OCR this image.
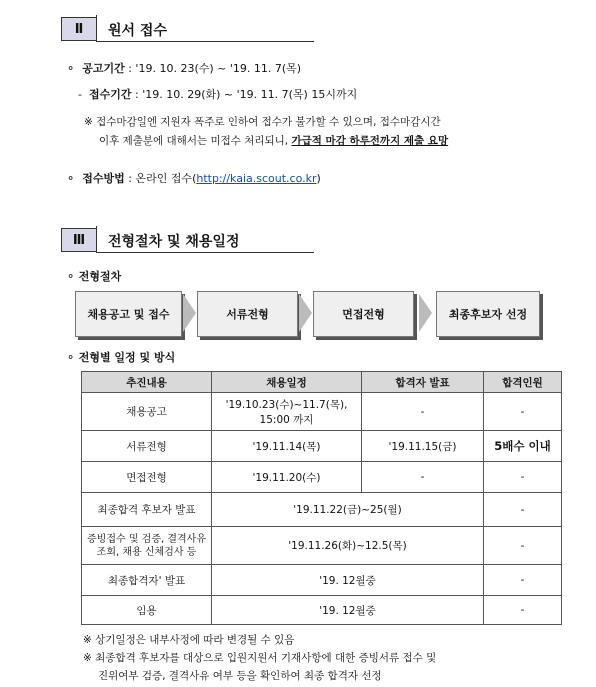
Ⅱ	원서 접수
⚬ 공고기간 : '19. 10. 23(수) ~ '19. 11. 7(목)
- 접수기간 : '19. 10. 29(화) ~ '19. 11. 7(목) 15시까지
※ 접수마감일엔 지원자 폭주로 인하여 접수가 불가할 수 있으며, 접수마감시간
이후 제출분에 대해서는 미접수 처리되니, 가급적 마감 하루전까지 제출 요망
⚬ 접수방법 : 온라인 접수(http://kaia.scout.co.kr)
Ⅲ	전형절차 및 채용일정
⚬ 전형절차
채용공고 및 접수	서류전형	면접전형	최종후보자 선정
⚬ 전형별 일정 및 방식
추진내용	채용일정	합격자 발표	합격인원
채용공고	'19.10.23(수)~11.7(목),
15:00 까지	-	-
서류전형	'19.11.14(목)	'19.11.15(금)	5배수 이내
면접전형	'19.11.20(수)	-	-
최종합격 후보자 발표	'19.11.22(금)~25(월)		-
증빙접수 및 검증, 결격사유
조회, 채용 신체검사 등	'19.11.26(화)~12.5(목)		-
최종합격자' 발표	'19. 12월중		-
임용	'19. 12월중		-
※ 상기일정은 내부사정에 따라 변경될 수 있음
※ 최종합격 후보자를 대상으로 입원지원서 기재사항에 대한 증빙서류 접수 및
진위여부 검증, 결격사유 여부 등을 확인하여 최종 합격자 선정
